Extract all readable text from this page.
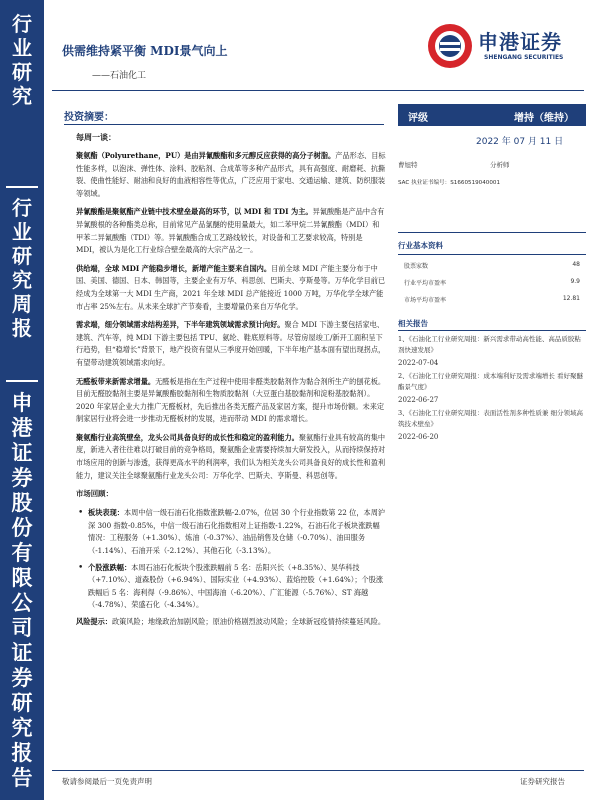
行
业
研
究
行
业
研
究
周
报
申
港
证
券
股
份
有
限
公
司
证
券
研
究
报
告
供需维持紧平衡 MDI景气向上
——石油化工
申港证券
SHENGANG SECURITIES
投资摘要：

每周一谈：

聚氨酯（Polyurethane，PU）是由异氰酸酯和多元醇反应获得的高分子树脂。产品形态、目标性能多样，以泡沫、弹性体、涂料、胶粘剂、合成革等多种产品形式，具有高强度、耐磨耗、抗撕裂、使曲性能好、耐油和良好的血液相容性等优点，广泛应用于家电、交通运输、建筑、防织服装等领域。

异氰酸酯是聚氨酯产业链中技术壁垒最高的环节，以 MDI 和 TDI 为主。异氰酸酯是产品中含有异氰酸根的各种酯类总称，目前常见产品氯醚的使用量最大，如二苯甲烷二异氰酸酯（MDI）和甲苯二异氰酸酯（TDI）等。异氰酸酯合成工艺路线较长，对设备和工艺要求较高，特别是 MDI，被认为是化工行业综合壁垒最高的大宗产品之一。

供给端，全球 MDI 产能稳步增长，新增产能主要来自国内。目前全球 MDI 产能主要分布于中国、美国、德国、日本、韩国等，主要企业有万华、科思创、巴斯夫、亨斯曼等。万华化学目前已经成为全球第一大 MDI 生产商，2021 年全球 MDI 总产能接近 1000 万吨，万华化学全球产能市占率 25%左右。从未来全球扩产节奏看，主要增量仍来自万华化学。

需求端，细分领域需求结构差异，下半年建筑领域需求预计向好。聚合 MDI 下游主要包括家电、建筑、汽车等，纯 MDI 下游主要包括 TPU、氨纶、鞋底原料等。尽管房屋竣工/新开工面积呈下行趋势，但“稳增长”背景下，地产投资有望从三季度开始回暖，下半年地产基本面有望出现拐点，有望带动建筑领域需求向好。

无醛板带来新需求增量。无醛板是指在生产过程中使用非醛类胶黏剂作为黏合剂所生产的刨花板。目前无醛胶黏剂主要是异氰酸酯胶黏剂和生物质胶黏剂（大豆蛋白基胶黏剂和淀粉基胶黏剂）。2020 年家居企业大力推广无醛板材，先后推出各类无醛产品及家居方案，提升市场份额。未来定制家居行业将会进一步推动无醛板材的发展，进而带动 MDI 的需求增长。

聚氨酯行业高筑壁垒，龙头公司具备良好的成长性和稳定的盈利能力。聚氨酯行业具有较高的集中度，新进入者往往难以打破目前的竞争格局，聚氨酯企业需要持续加大研发投入，从而持续保持对市场应用的创新与渗透，获得更高水平的利润率，我们认为相关龙头公司具备良好的成长性和盈利能力，建议关注全球聚氨酯行业龙头公司：万华化学、巴斯夫、亨斯曼、科思创等。

市场回顾：

• 板块表现：本周中信一级石油石化指数涨跌幅-2.07%，位居 30 个行业指数第 22 位，本周沪深 300 指数-0.85%，中信一级石油石化指数相对上证指数-1.22%，石油石化子板块涨跌幅情况：工程服务（+1.30%）、炼油（-0.37%）、油品销售及仓储（-0.70%）、油田服务（-1.14%）、石油开采（-2.12%）、其他石化（-3.13%）。
• 个股涨跌幅：本周石油石化板块个股涨跌幅前 5 名：岳阳兴长（+8.35%）、昊华科技（+7.10%）、道森股份（+6.94%）、国际实业（+4.93%）、蓝焰控股（+1.64%）；个股涨跌幅后 5 名：海利得（-9.86%）、中国海油（-6.20%）、广汇能源（-5.76%）、ST 海越（-4.78%）、荣盛石化（-4.34%）。

风险提示：政策风险；地缘政治加剧风险；原油价格剧烈波动风险；全球新冠疫情持续蔓延风险。

评级	增持（维持）
2022 年 07 月 11 日
曹旭特	分析师
SAC 执业证书编号：S1660519040001
行业基本资料
股票家数	48
行业平均市盈率	9.9
市场平均市盈率	12.81
相关报告
1、《石油化工行业研究周报：新兴需求带动高性能、高品质胶粘剂快速发展》
2022-07-04
2、《石油化工行业研究周报：成本端利好及需求端增长 看好聚醚酯景气度》
2022-06-27
3、《石油化工行业研究周报：表面活性剂多种性质兼 细分领域高筑技术壁垒》
2022-06-20
敬请参阅最后一页免责声明	证券研究报告
